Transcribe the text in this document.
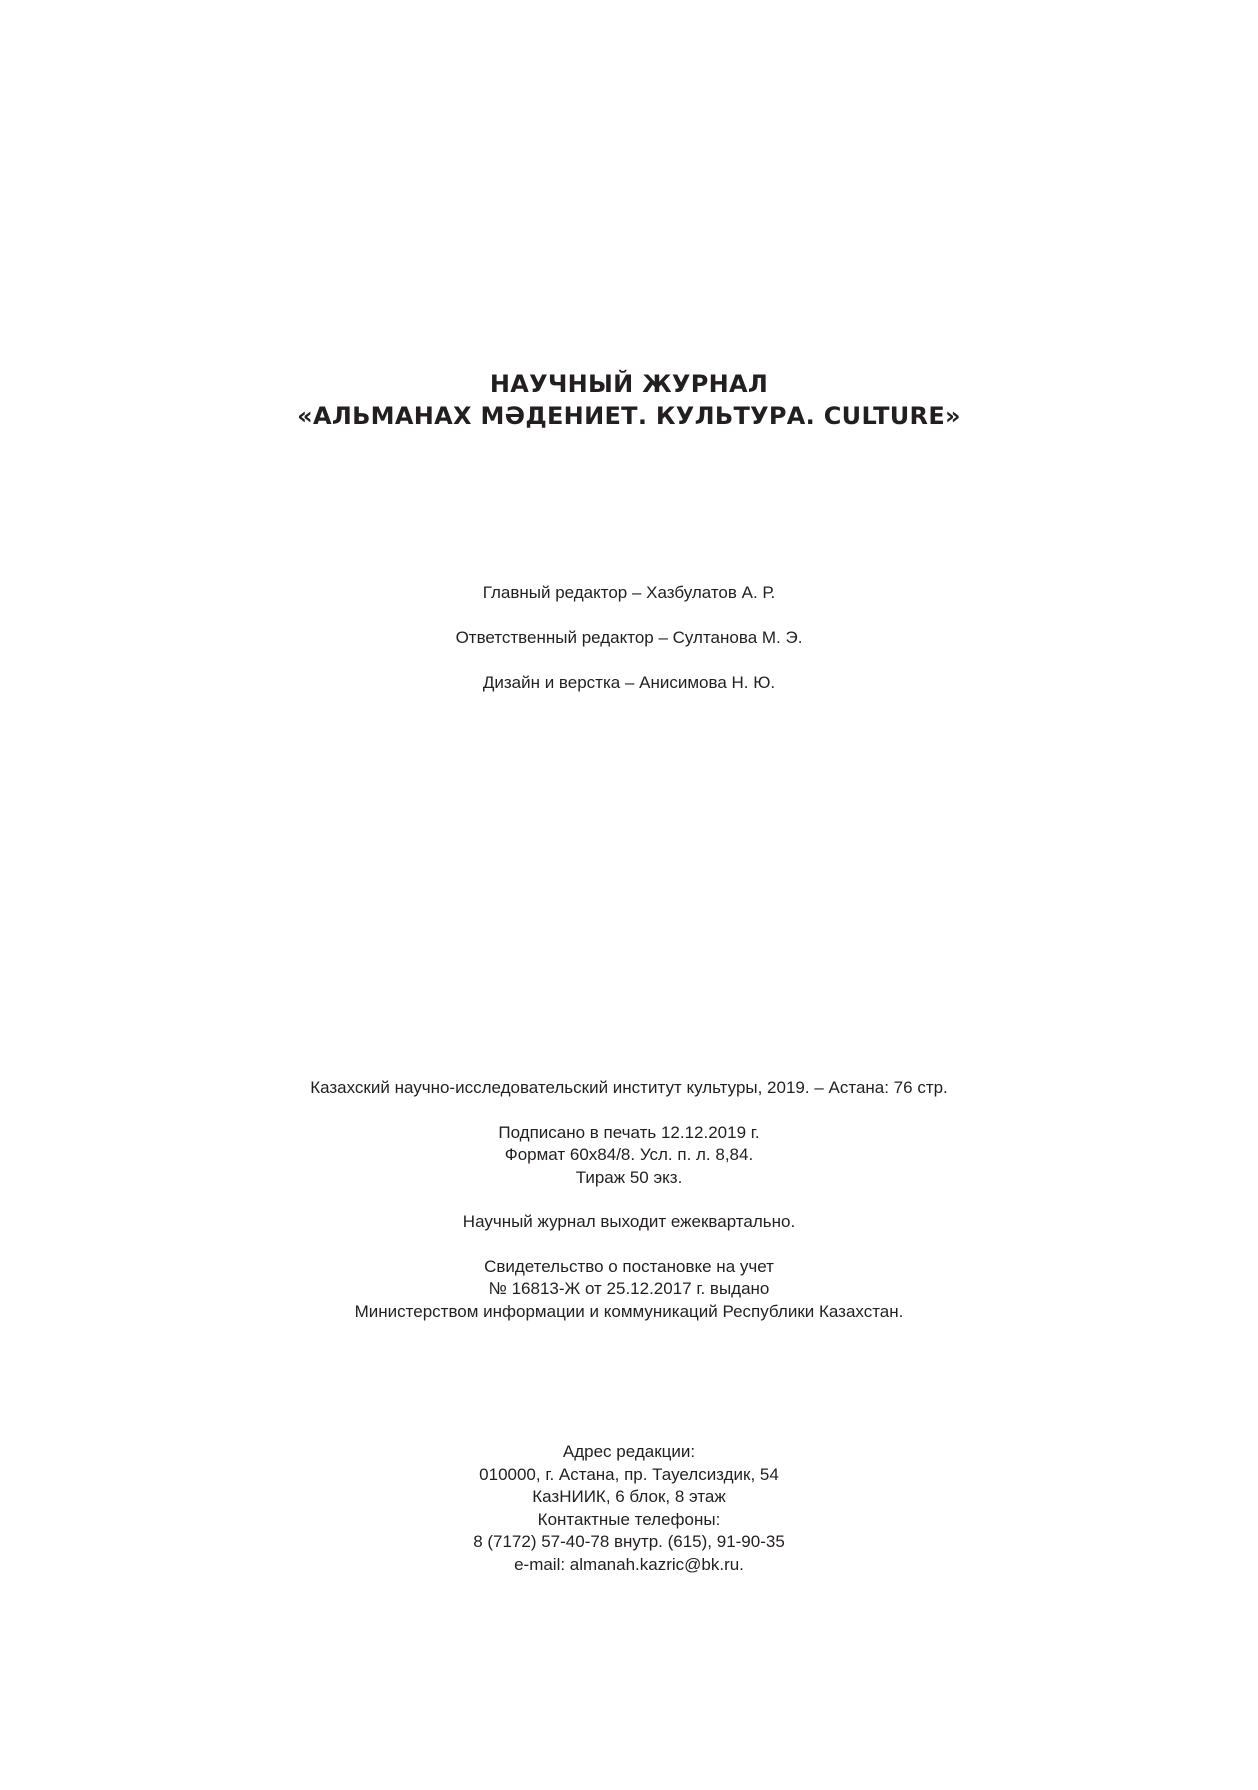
НАУЧНЫЙ ЖУРНАЛ
«АЛЬМАНАХ МӘДЕНИЕТ. КУЛЬТУРА. CULTURE»
Главный редактор – Хазбулатов А. Р.
Ответственный редактор – Султанова М. Э.
Дизайн и верстка – Анисимова Н. Ю.
Казахский научно-исследовательский институт культуры, 2019. – Астана: 76 стр.
Подписано в печать 12.12.2019 г.
Формат 60х84/8. Усл. п. л. 8,84.
Тираж 50 экз.
Научный журнал выходит ежеквартально.
Свидетельство о постановке на учет
№ 16813-Ж от 25.12.2017 г. выдано
Министерством информации и коммуникаций Республики Казахстан.
Адрес редакции:
010000, г. Астана, пр. Тауелсиздик, 54
КазНИИК, 6 блок, 8 этаж
Контактные телефоны:
8 (7172) 57-40-78 внутр. (615), 91-90-35
e-mail: almanah.kazric@bk.ru.
